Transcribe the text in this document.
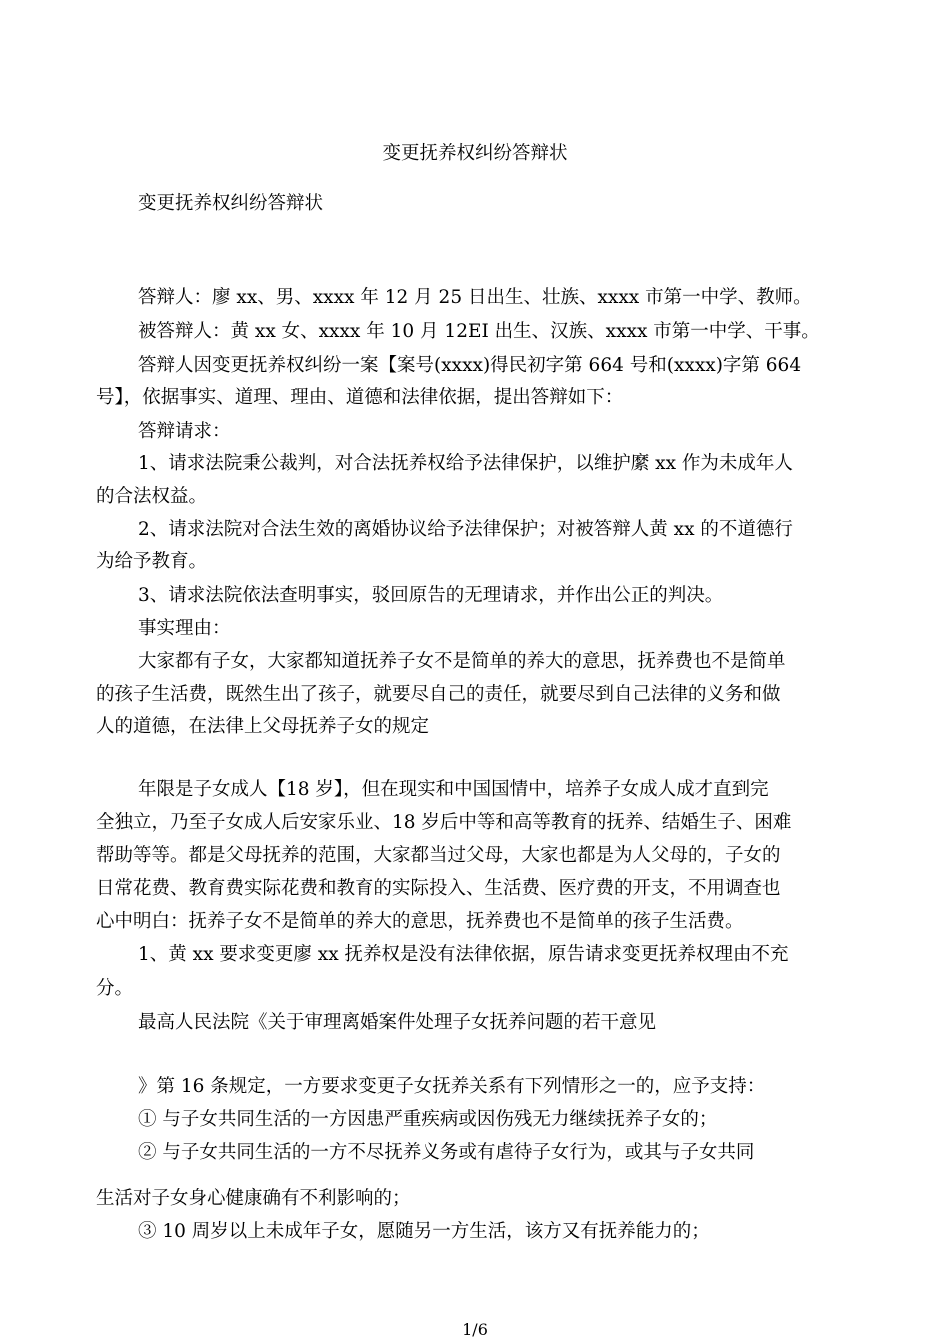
变更抚养权纠纷答辩状
变更抚养权纠纷答辩状
答辩人：廖 xx、男、xxxx 年 12 月 25 日出生、壮族、xxxx 市第一中学、教师。
被答辩人：黄 xx 女、xxxx 年 10 月 12EI 出生、汉族、xxxx 市第一中学、干事。
答辩人因变更抚养权纠纷一案【案号(xxxx)得民初字第 664 号和(xxxx)字第 664
号】，依据事实、道理、理由、道德和法律依据，提出答辩如下：
答辩请求：
1、请求法院秉公裁判，对合法抚养权给予法律保护，以维护縻 xx 作为未成年人
的合法权益。
2、请求法院对合法生效的离婚协议给予法律保护；对被答辩人黄 xx 的不道德行
为给予教育。
3、请求法院依法查明事实，驳回原告的无理请求，并作出公正的判决。
事实理由：
大家都有子女，大家都知道抚养子女不是简单的养大的意思，抚养费也不是简单
的孩子生活费，既然生出了孩子，就要尽自己的责任，就要尽到自己法律的义务和做
人的道德，在法律上父母抚养子女的规定
年限是子女成人【18 岁】，但在现实和中国国情中，培养子女成人成才直到完
全独立，乃至子女成人后安家乐业、18 岁后中等和高等教育的抚养、结婚生子、困难
帮助等等。都是父母抚养的范围，大家都当过父母，大家也都是为人父母的，子女的
日常花费、教育费实际花费和教育的实际投入、生活费、医疗费的开支，不用调查也
心中明白：抚养子女不是简单的养大的意思，抚养费也不是简单的孩子生活费。
1、黄 xx 要求变更廖 xx 抚养权是没有法律依据，原告请求变更抚养权理由不充
分。
最高人民法院《关于审理离婚案件处理子女抚养问题的若干意见
》第 16 条规定，一方要求变更子女抚养关系有下列情形之一的，应予支持：
① 与子女共同生活的一方因患严重疾病或因伤残无力继续抚养子女的；
② 与子女共同生活的一方不尽抚养义务或有虐待子女行为，或其与子女共同
生活对子女身心健康确有不利影响的；
③ 10 周岁以上未成年子女，愿随另一方生活，该方又有抚养能力的；
1/6
